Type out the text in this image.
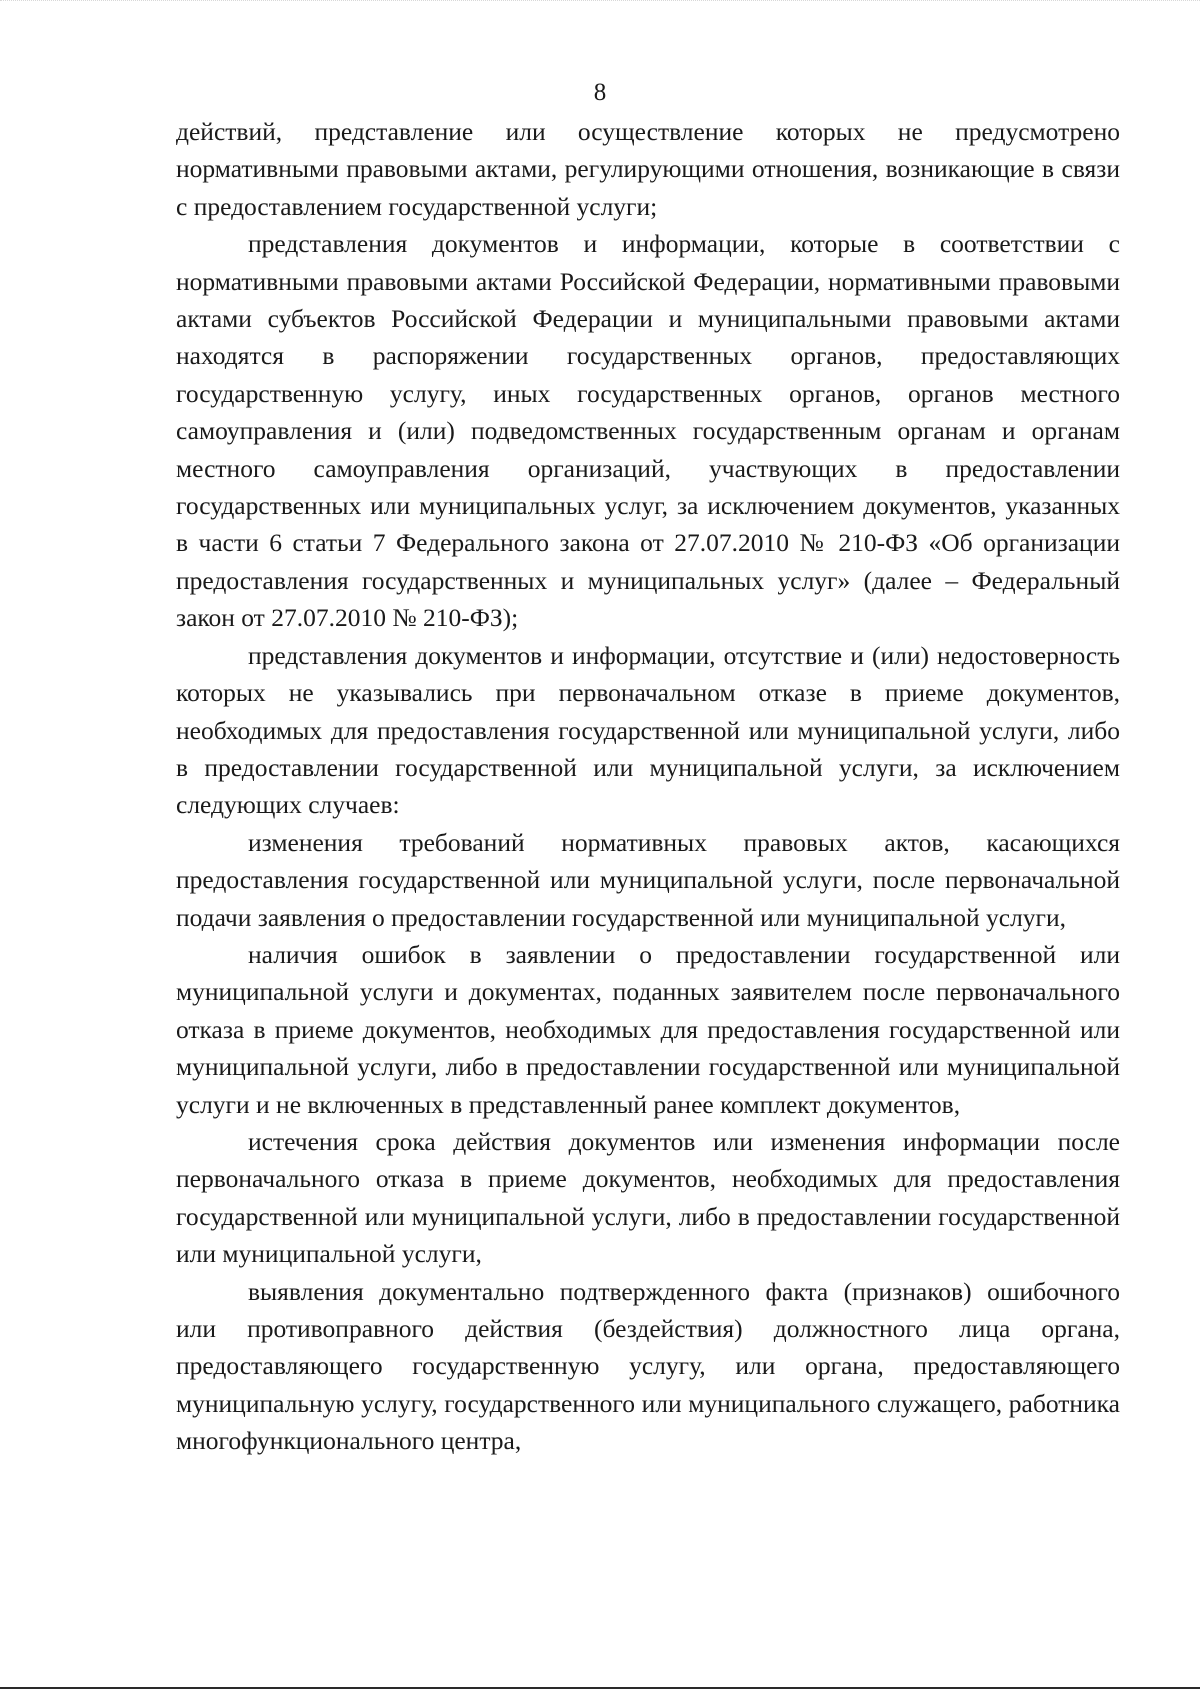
8

действий, представление или осуществление которых не предусмотрено нормативными правовыми актами, регулирующими отношения, возникающие в связи с предоставлением государственной услуги;

представления документов и информации, которые в соответствии с нормативными правовыми актами Российской Федерации, нормативными правовыми актами субъектов Российской Федерации и муниципальными правовыми актами находятся в распоряжении государственных органов, предоставляющих государственную услугу, иных государственных органов, органов местного самоуправления и (или) подведомственных государственным органам и органам местного самоуправления организаций, участвующих в предоставлении государственных или муниципальных услуг, за исключением документов, указанных в части 6 статьи 7 Федерального закона от 27.07.2010 № 210-ФЗ «Об организации предоставления государственных и муниципальных услуг» (далее – Федеральный закон от 27.07.2010 № 210-ФЗ);

представления документов и информации, отсутствие и (или) недостоверность которых не указывались при первоначальном отказе в приеме документов, необходимых для предоставления государственной или муниципальной услуги, либо в предоставлении государственной или муниципальной услуги, за исключением следующих случаев:

изменения требований нормативных правовых актов, касающихся предоставления государственной или муниципальной услуги, после первоначальной подачи заявления о предоставлении государственной или муниципальной услуги,

наличия ошибок в заявлении о предоставлении государственной или муниципальной услуги и документах, поданных заявителем после первоначального отказа в приеме документов, необходимых для предоставления государственной или муниципальной услуги, либо в предоставлении государственной или муниципальной услуги и не включенных в представленный ранее комплект документов,

истечения срока действия документов или изменения информации после первоначального отказа в приеме документов, необходимых для предоставления государственной или муниципальной услуги, либо в предоставлении государственной или муниципальной услуги,

выявления документально подтвержденного факта (признаков) ошибочного или противоправного действия (бездействия) должностного лица органа, предоставляющего государственную услугу, или органа, предоставляющего муниципальную услугу, государственного или муниципального служащего, работника многофункционального центра,
